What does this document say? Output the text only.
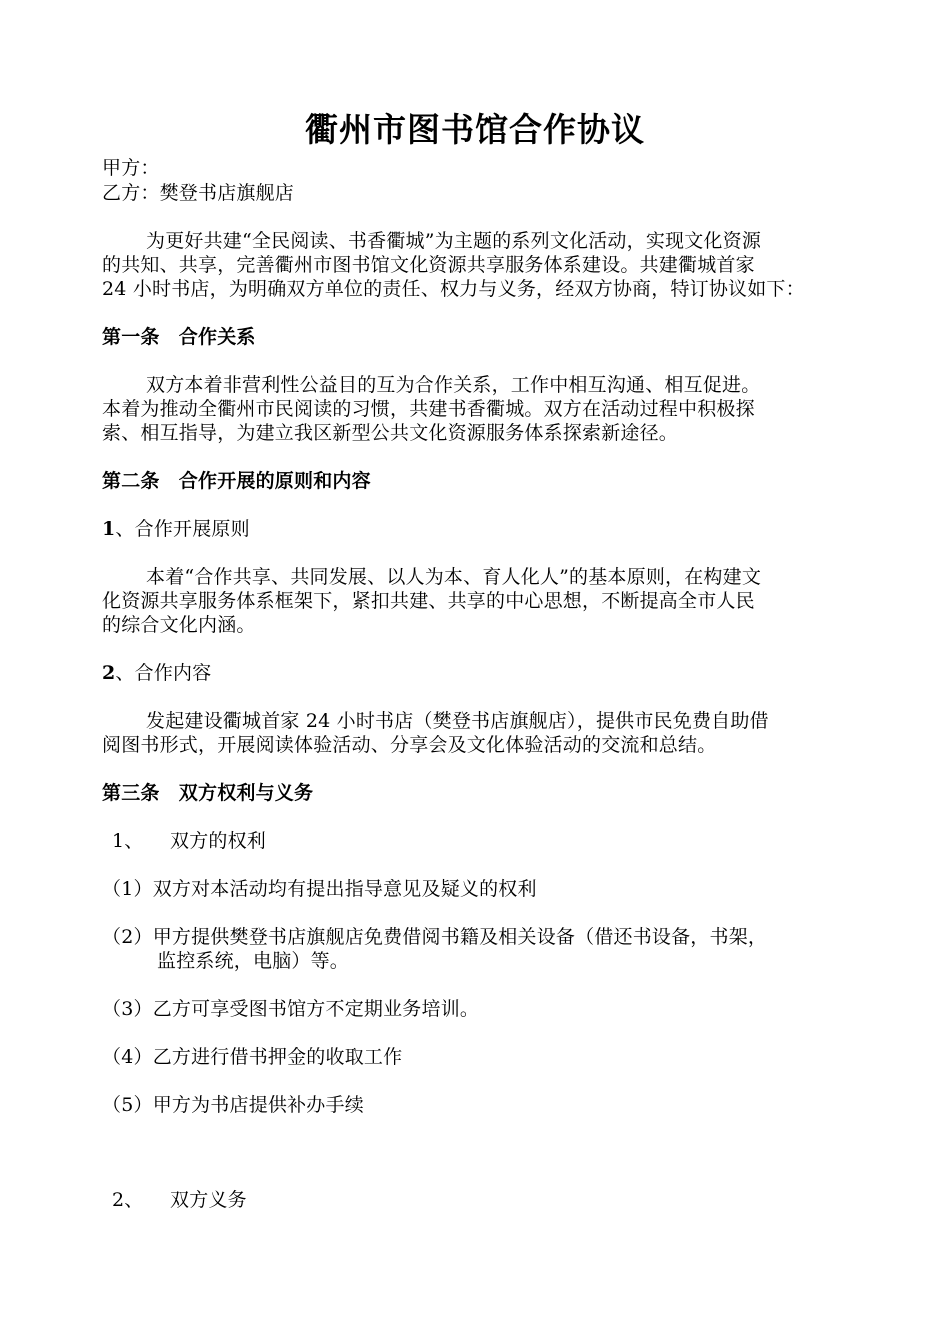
衢州市图书馆合作协议

甲方：

乙方：樊登书店旗舰店

为更好共建“全民阅读、书香衢城”为主题的系列文化活动，实现文化资源

的共知、共享，完善衢州市图书馆文化资源共享服务体系建设。共建衢城首家

24 小时书店，为明确双方单位的责任、权力与义务，经双方协商，特订协议如下：

第一条　合作关系

双方本着非营利性公益目的互为合作关系，工作中相互沟通、相互促进。

本着为推动全衢州市民阅读的习惯，共建书香衢城。双方在活动过程中积极探

索、相互指导，为建立我区新型公共文化资源服务体系探索新途径。

第二条　合作开展的原则和内容

1、合作开展原则

本着“合作共享、共同发展、以人为本、育人化人”的基本原则，在构建文

化资源共享服务体系框架下，紧扣共建、共享的中心思想，不断提高全市人民

的综合文化内涵。

2、合作内容

发起建设衢城首家 24 小时书店（樊登书店旗舰店），提供市民免费自助借

阅图书形式，开展阅读体验活动、分享会及文化体验活动的交流和总结。

第三条　双方权利与义务

1、 双方的权利

（1）双方对本活动均有提出指导意见及疑义的权利

（2）甲方提供樊登书店旗舰店免费借阅书籍及相关设备（借还书设备，书架，

监控系统，电脑）等。

（3）乙方可享受图书馆方不定期业务培训。

（4）乙方进行借书押金的收取工作

（5）甲方为书店提供补办手续

2、 双方义务
